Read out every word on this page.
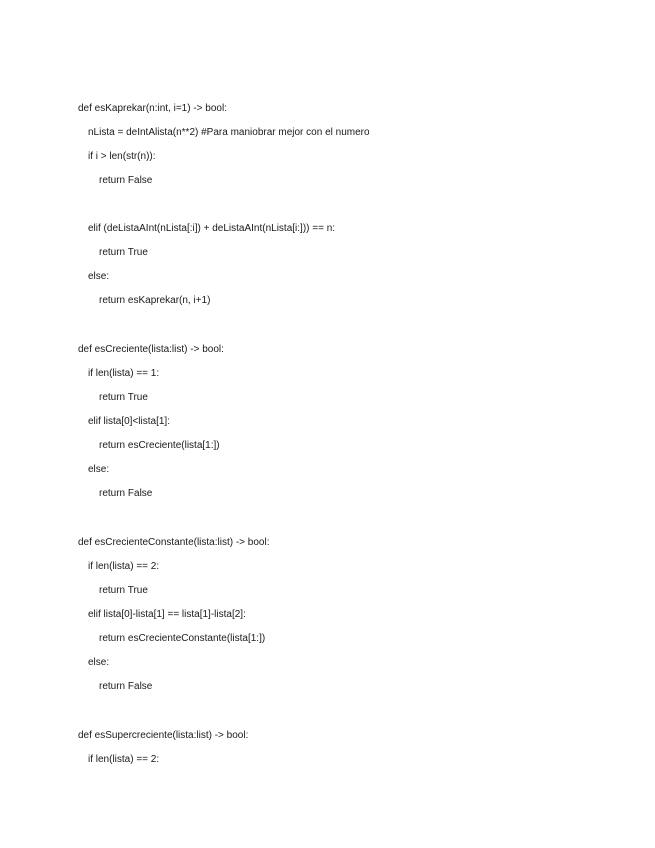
def esKaprekar(n:int, i=1) -> bool:
nLista = deIntAlista(n**2) #Para maniobrar mejor con el numero
if i > len(str(n)):
return False
elif (deListaAInt(nLista[:i]) + deListaAInt(nLista[i:])) == n:
return True
else:
return esKaprekar(n, i+1)
def esCreciente(lista:list) -> bool:
if len(lista) == 1:
return True
elif lista[0]<lista[1]:
return esCreciente(lista[1:])
else:
return False
def esCrecienteConstante(lista:list) -> bool:
if len(lista) == 2:
return True
elif lista[0]-lista[1] == lista[1]-lista[2]:
return esCrecienteConstante(lista[1:])
else:
return False
def esSupercreciente(lista:list) -> bool:
if len(lista) == 2:
